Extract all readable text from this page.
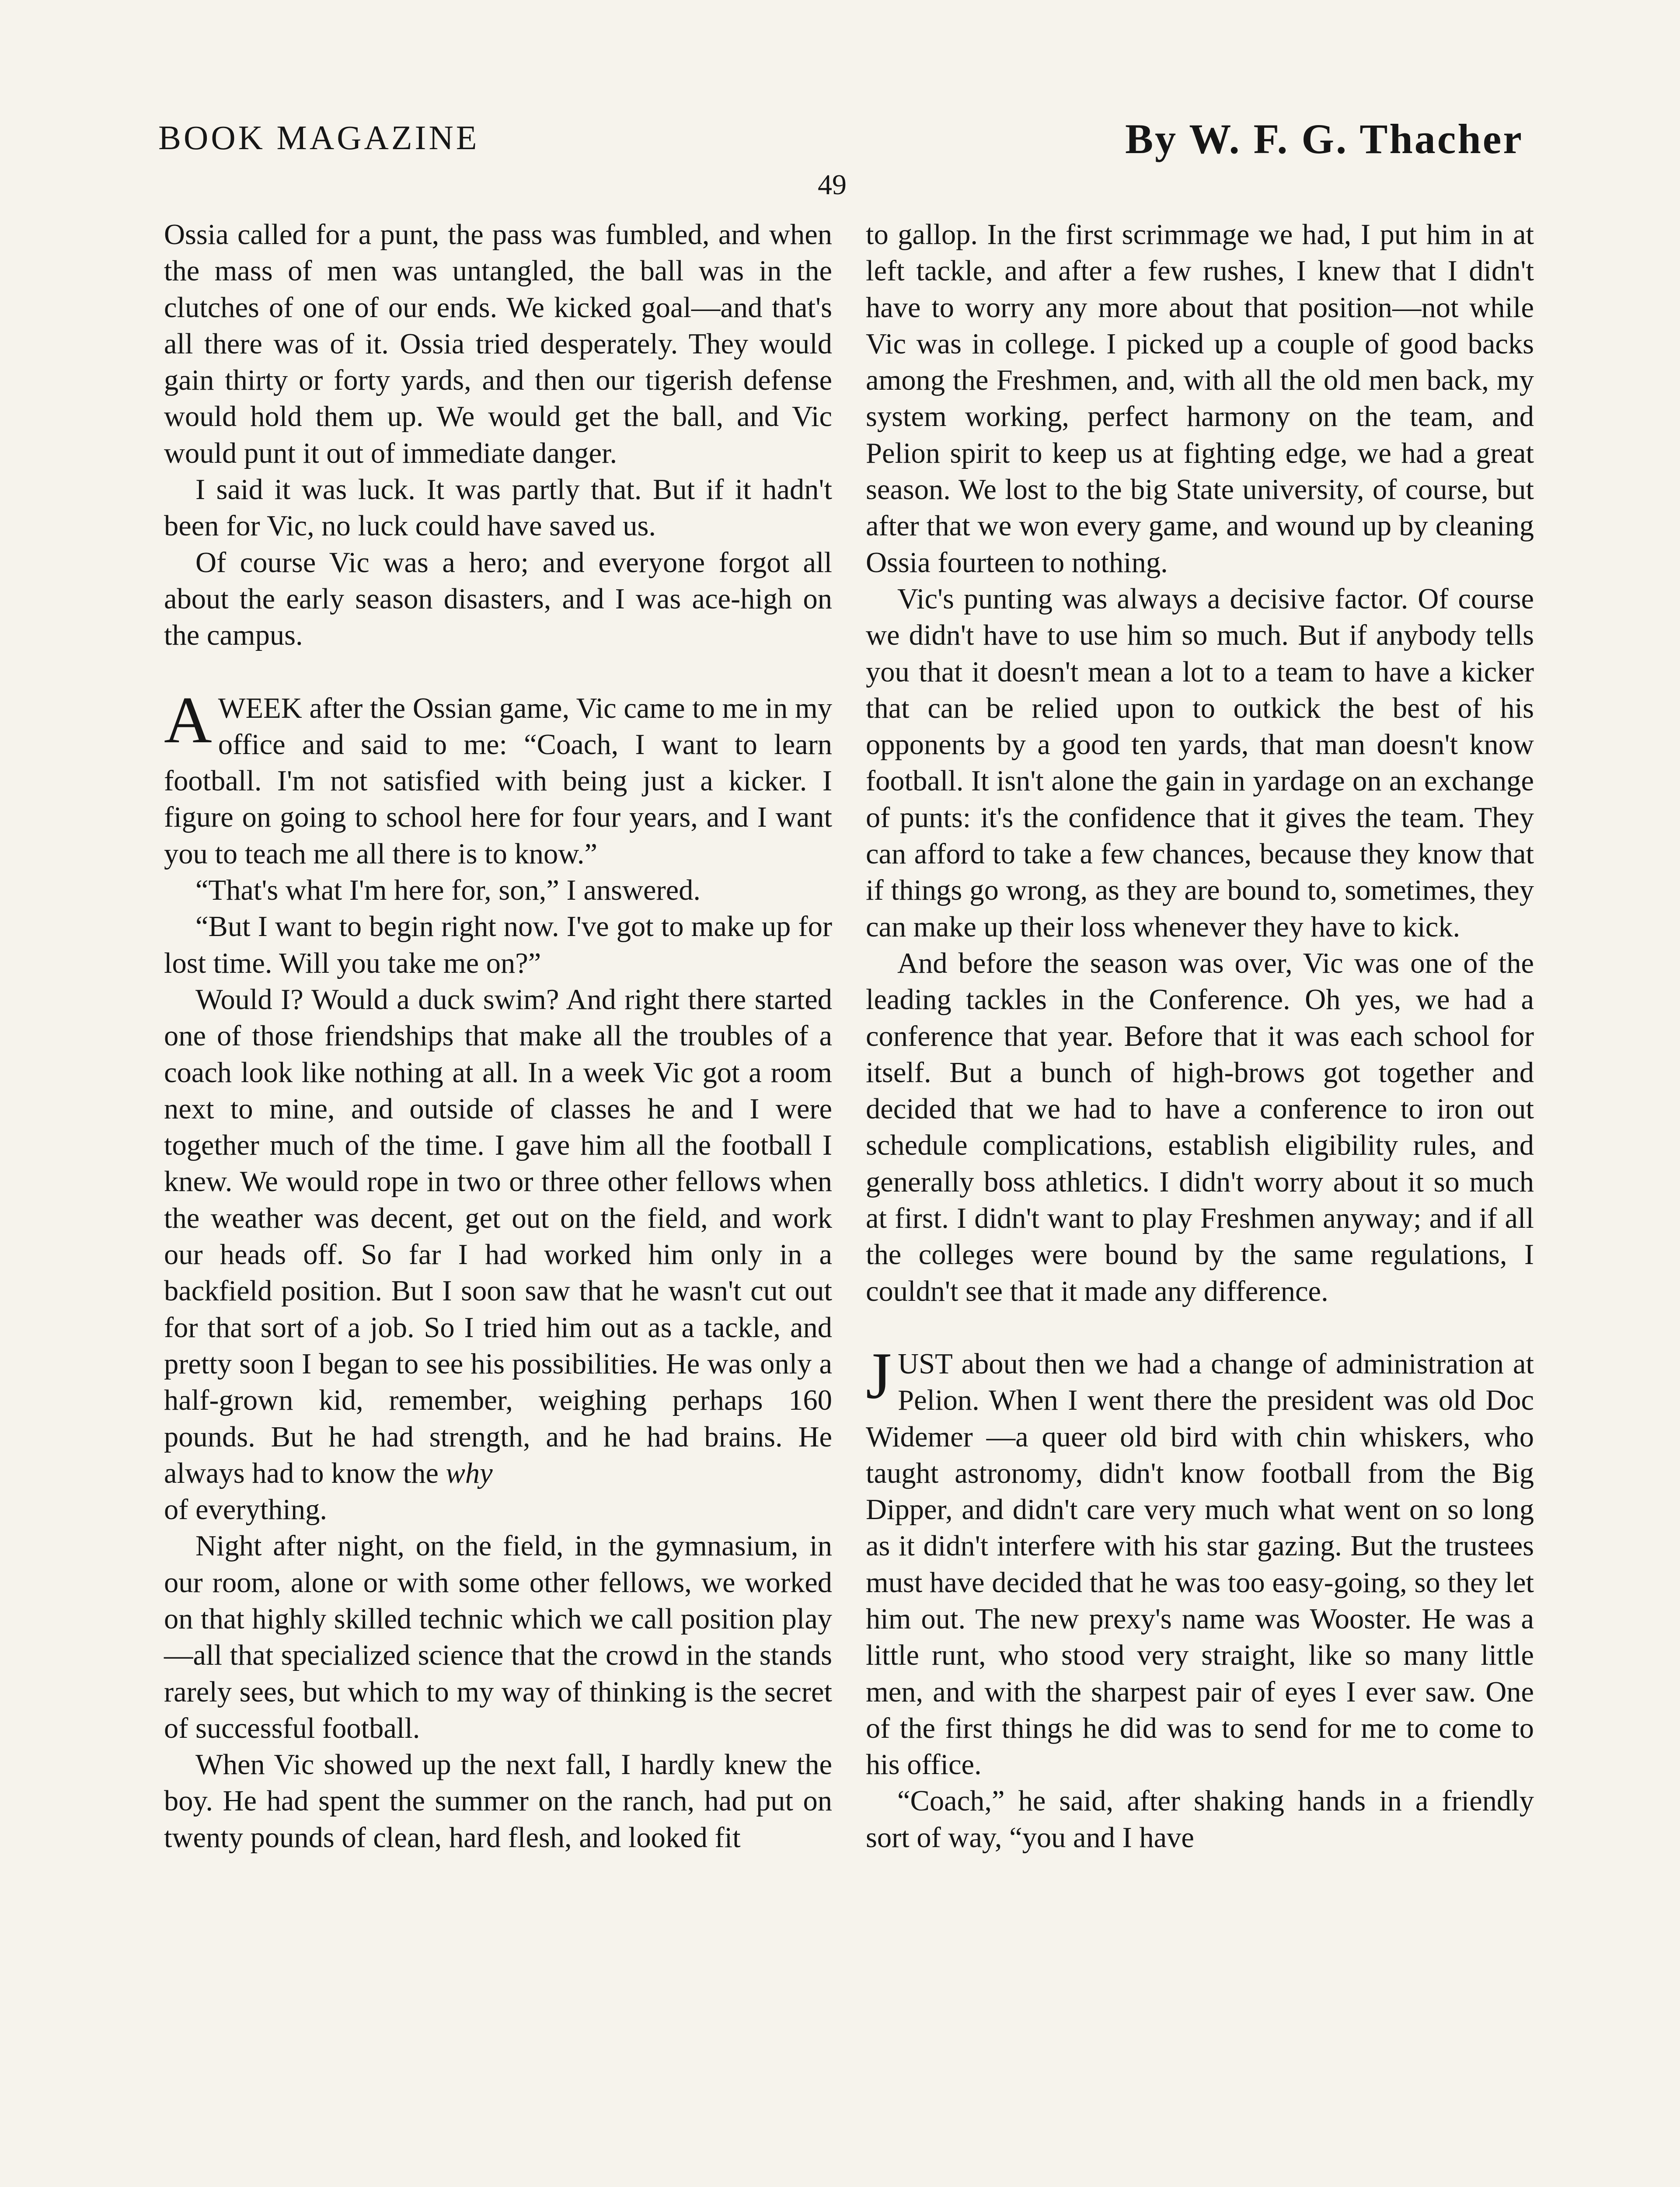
BOOK MAGAZINE	By W. F. G. Thacher
49

Ossia called for a punt, the pass was fumbled, and when the mass of men was untangled, the ball was in the clutches of one of our ends. We kicked goal—and that's all there was of it. Ossia tried desperately. They would gain thirty or forty yards, and then our tigerish defense would hold them up. We would get the ball, and Vic would punt it out of immediate danger.

I said it was luck. It was partly that. But if it hadn't been for Vic, no luck could have saved us.

Of course Vic was a hero; and everyone forgot all about the early season disasters, and I was ace-high on the campus.

AWEEK after the Ossian game, Vic came to me in my office and said to me: “Coach, I want to learn football. I'm not satisfied with being just a kicker. I figure on going to school here for four years, and I want you to teach me all there is to know.”

“That's what I'm here for, son,” I answered.

“But I want to begin right now. I've got to make up for lost time. Will you take me on?”

Would I? Would a duck swim? And right there started one of those friendships that make all the troubles of a coach look like nothing at all. In a week Vic got a room next to mine, and outside of classes he and I were together much of the time. I gave him all the football I knew. We would rope in two or three other fellows when the weather was decent, get out on the field, and work our heads off. So far I had worked him only in a backfield position. But I soon saw that he wasn't cut out for that sort of a job. So I tried him out as a tackle, and pretty soon I began to see his possibilities. He was only a half-grown kid, remember, weighing perhaps 160 pounds. But he had strength, and he had brains. He always had to know the why
of everything.

Night after night, on the field, in the gymnasium, in our room, alone or with some other fellows, we worked on that highly skilled technic which we call position play—all that specialized science that the crowd in the stands rarely sees, but which to my way of thinking is the secret of successful football.

When Vic showed up the next fall, I hardly knew the boy. He had spent the summer on the ranch, had put on twenty pounds of clean, hard flesh, and looked fit

to gallop. In the first scrimmage we had, I put him in at left tackle, and after a few rushes, I knew that I didn't have to worry any more about that position—not while Vic was in college. I picked up a couple of good backs among the Freshmen, and, with all the old men back, my system working, perfect harmony on the team, and Pelion spirit to keep us at fighting edge, we had a great season. We lost to the big State university, of course, but after that we won every game, and wound up by cleaning Ossia fourteen to nothing.

Vic's punting was always a decisive factor. Of course we didn't have to use him so much. But if anybody tells you that it doesn't mean a lot to a team to have a kicker that can be relied upon to outkick the best of his opponents by a good ten yards, that man doesn't know football. It isn't alone the gain in yardage on an exchange of punts: it's the confidence that it gives the team. They can afford to take a few chances, because they know that if things go wrong, as they are bound to, sometimes, they can make up their loss whenever they have to kick.

And before the season was over, Vic was one of the leading tackles in the Conference. Oh yes, we had a conference that year. Before that it was each school for itself. But a bunch of high-brows got together and decided that we had to have a conference to iron out schedule complications, establish eligibility rules, and generally boss athletics. I didn't worry about it so much at first. I didn't want to play Freshmen anyway; and if all the colleges were bound by the same regulations, I couldn't see that it made any difference.

JUST about then we had a change of administration at Pelion. When I went there the president was old Doc Widemer —a queer old bird with chin whiskers, who taught astronomy, didn't know football from the Big Dipper, and didn't care very much what went on so long as it didn't interfere with his star gazing. But the trustees must have decided that he was too easy-going, so they let him out. The new prexy's name was Wooster. He was a little runt, who stood very straight, like so many little men, and with the sharpest pair of eyes I ever saw. One of the first things he did was to send for me to come to his office.

“Coach,” he said, after shaking hands in a friendly sort of way, “you and I have
